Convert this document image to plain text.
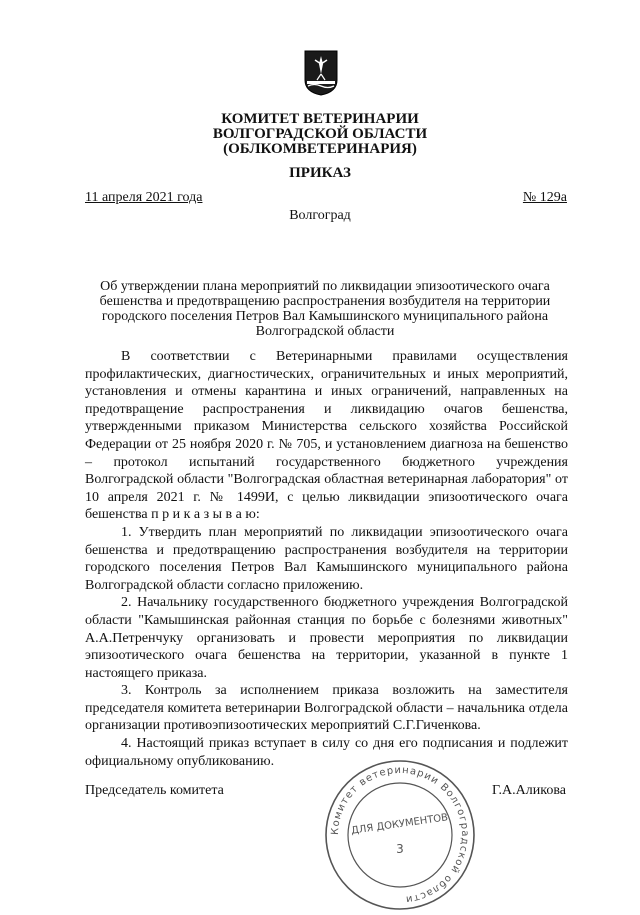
КОМИТЕТ ВЕТЕРИНАРИИ
ВОЛГОГРАДСКОЙ ОБЛАСТИ
(ОБЛКОМВЕТЕРИНАРИЯ)
ПРИКАЗ
11 апреля 2021 года	№ 129а
Волгоград
Об утверждении плана мероприятий по ликвидации эпизоотического очага бешенства и предотвращению распространения возбудителя на территории городского поселения Петров Вал Камышинского муниципального района Волгоградской области

В соответствии с Ветеринарными правилами осуществления профилактических, диагностических, ограничительных и иных мероприятий, установления и отмены карантина и иных ограничений, направленных на предотвращение распространения и ликвидацию очагов бешенства, утвержденными приказом Министерства сельского хозяйства Российской Федерации от 25 ноября 2020 г. № 705, и установлением диагноза на бешенство – протокол испытаний государственного бюджетного учреждения Волгоградской области "Волгоградская областная ветеринарная лаборатория" от 10 апреля 2021 г. № 1499И, с целью ликвидации эпизоотического очага бешенства п р и к а з ы в а ю:

1. Утвердить план мероприятий по ликвидации эпизоотического очага бешенства и предотвращению распространения возбудителя на территории городского поселения Петров Вал Камышинского муниципального района Волгоградской области согласно приложению.

2. Начальнику государственного бюджетного учреждения Волгоградской области "Камышинская районная станция по борьбе с болезнями животных" А.А.Петренчуку организовать и провести мероприятия по ликвидации эпизоотического очага бешенства на территории, указанной в пункте 1 настоящего приказа.

3. Контроль за исполнением приказа возложить на заместителя председателя комитета ветеринарии Волгоградской области – начальника отдела организации противоэпизоотических мероприятий С.Г.Гиченкова.

4. Настоящий приказ вступает в силу со дня его подписания и подлежит официальному опубликованию.

Комитет ветеринарии Волгоградской области
ДЛЯ ДОКУМЕНТОВ
3
Председатель комитета	Г.А.Аликова
